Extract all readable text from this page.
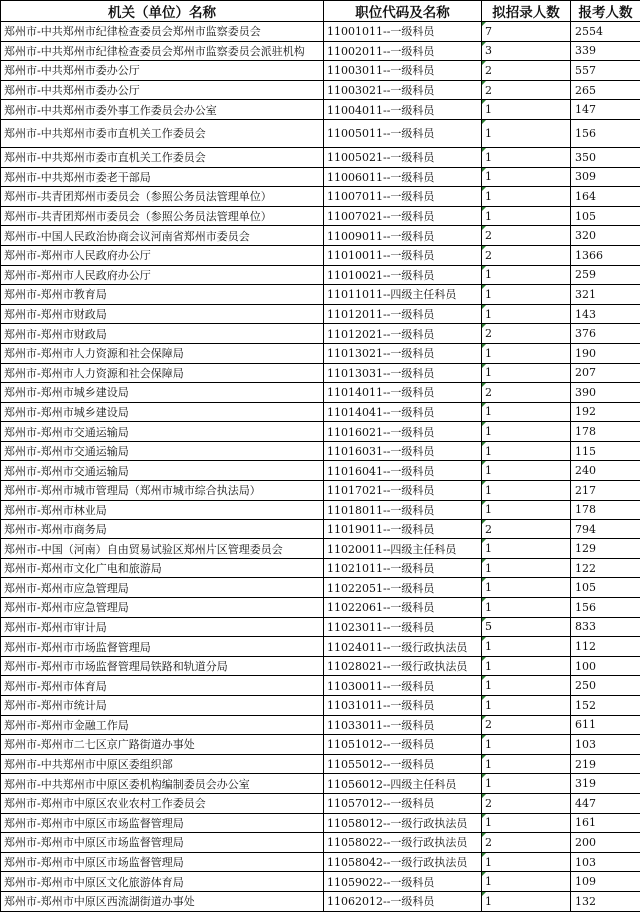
机关（单位）名称	职位代码及名称	拟招录人数	报考人数
郑州市-中共郑州市纪律检查委员会郑州市监察委员会	11001011--一级科员	7	2554
郑州市-中共郑州市纪律检查委员会郑州市监察委员会派驻机构	11002011--一级科员	3	339
郑州市-中共郑州市委办公厅	11003011--一级科员	2	557
郑州市-中共郑州市委办公厅	11003021--一级科员	2	265
郑州市-中共郑州市委外事工作委员会办公室	11004011--一级科员	1	147
郑州市-中共郑州市委市直机关工作委员会	11005011--一级科员	1	156
郑州市-中共郑州市委市直机关工作委员会	11005021--一级科员	1	350
郑州市-中共郑州市委老干部局	11006011--一级科员	1	309
郑州市-共青团郑州市委员会（参照公务员法管理单位）	11007011--一级科员	1	164
郑州市-共青团郑州市委员会（参照公务员法管理单位）	11007021--一级科员	1	105
郑州市-中国人民政治协商会议河南省郑州市委员会	11009011--一级科员	2	320
郑州市-郑州市人民政府办公厅	11010011--一级科员	2	1366
郑州市-郑州市人民政府办公厅	11010021--一级科员	1	259
郑州市-郑州市教育局	11011011--四级主任科员	1	321
郑州市-郑州市财政局	11012011--一级科员	1	143
郑州市-郑州市财政局	11012021--一级科员	2	376
郑州市-郑州市人力资源和社会保障局	11013021--一级科员	1	190
郑州市-郑州市人力资源和社会保障局	11013031--一级科员	1	207
郑州市-郑州市城乡建设局	11014011--一级科员	2	390
郑州市-郑州市城乡建设局	11014041--一级科员	1	192
郑州市-郑州市交通运输局	11016021--一级科员	1	178
郑州市-郑州市交通运输局	11016031--一级科员	1	115
郑州市-郑州市交通运输局	11016041--一级科员	1	240
郑州市-郑州市城市管理局（郑州市城市综合执法局）	11017021--一级科员	1	217
郑州市-郑州市林业局	11018011--一级科员	1	178
郑州市-郑州市商务局	11019011--一级科员	2	794
郑州市-中国（河南）自由贸易试验区郑州片区管理委员会	11020011--四级主任科员	1	129
郑州市-郑州市文化广电和旅游局	11021011--一级科员	1	122
郑州市-郑州市应急管理局	11022051--一级科员	1	105
郑州市-郑州市应急管理局	11022061--一级科员	1	156
郑州市-郑州市审计局	11023011--一级科员	5	833
郑州市-郑州市市场监督管理局	11024011--一级行政执法员	1	112
郑州市-郑州市市场监督管理局铁路和轨道分局	11028021--一级行政执法员	1	100
郑州市-郑州市体育局	11030011--一级科员	1	250
郑州市-郑州市统计局	11031011--一级科员	1	152
郑州市-郑州市金融工作局	11033011--一级科员	2	611
郑州市-郑州市二七区京广路街道办事处	11051012--一级科员	1	103
郑州市-中共郑州市中原区委组织部	11055012--一级科员	1	219
郑州市-中共郑州市中原区委机构编制委员会办公室	11056012--四级主任科员	1	319
郑州市-郑州市中原区农业农村工作委员会	11057012--一级科员	2	447
郑州市-郑州市中原区市场监督管理局	11058012--一级行政执法员	1	161
郑州市-郑州市中原区市场监督管理局	11058022--一级行政执法员	2	200
郑州市-郑州市中原区市场监督管理局	11058042--一级行政执法员	1	103
郑州市-郑州市中原区文化旅游体育局	11059022--一级科员	1	109
郑州市-郑州市中原区西流湖街道办事处	11062012--一级科员	1	132
